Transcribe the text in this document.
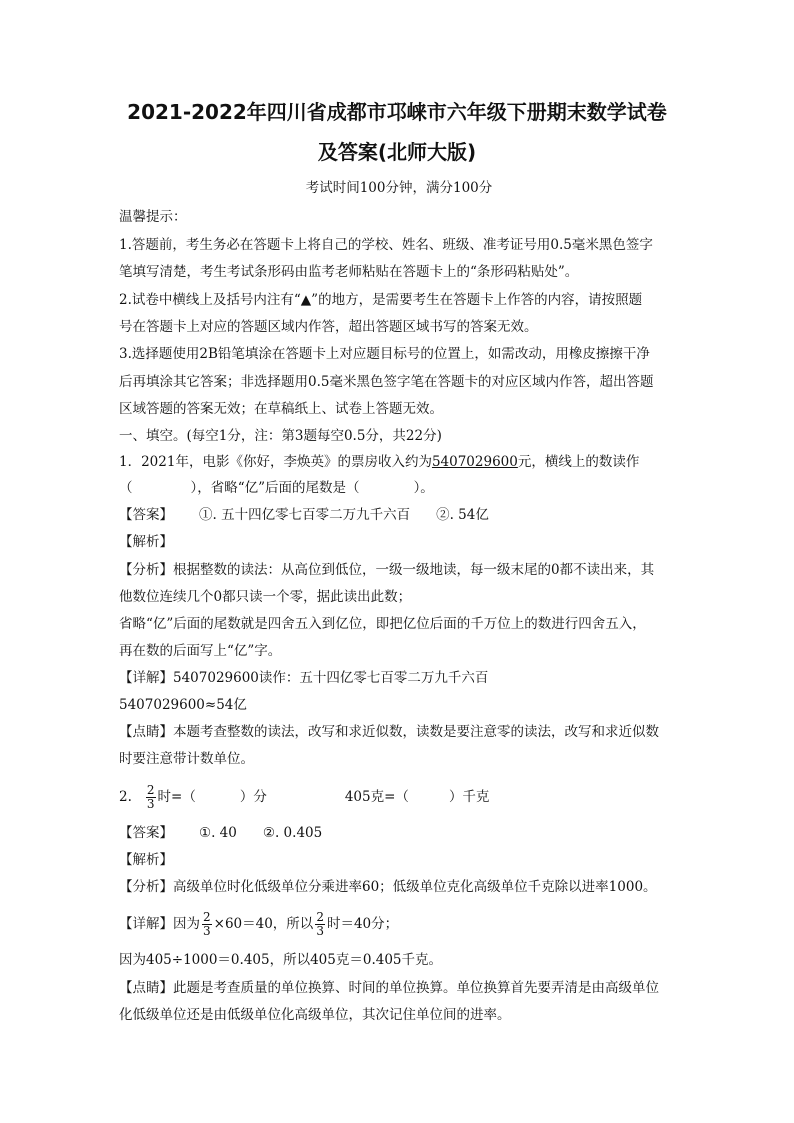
2021-2022年四川省成都市邛崃市六年级下册期末数学试卷
及答案(北师大版)

考试时间100分钟，满分100分

温馨提示：

1.答题前，考生务必在答题卡上将自己的学校、姓名、班级、准考证号用0.5毫米黑色签字

笔填写清楚，考生考试条形码由监考老师粘贴在答题卡上的“条形码粘贴处”。

2.试卷中横线上及括号内注有“▲”的地方，是需要考生在答题卡上作答的内容，请按照题

号在答题卡上对应的答题区域内作答，超出答题区域书写的答案无效。

3.选择题使用2B铅笔填涂在答题卡上对应题目标号的位置上，如需改动，用橡皮擦擦干净

后再填涂其它答案；非选择题用0.5毫米黑色签字笔在答题卡的对应区域内作答，超出答题

区域答题的答案无效；在草稿纸上、试卷上答题无效。

一、填空。(每空1分，注：第3题每空0.5分，共22分)

1．2021年，电影《你好，李焕英》的票房收入约为5407029600元，横线上的数读作

（	），省略“亿”后面的尾数是（	）。

【答案】 ①. 五十四亿零七百零二万九千六百 ②. 54亿

【解析】

【分析】根据整数的读法：从高位到低位，一级一级地读，每一级末尾的0都不读出来，其

他数位连续几个0都只读一个零，据此读出此数；

省略“亿”后面的尾数就是四舍五入到亿位，即把亿位后面的千万位上的数进行四舍五入，

再在数的后面写上“亿”字。

【详解】5407029600读作：五十四亿零七百零二万九千六百

5407029600≈54亿

【点睛】本题考查整数的读法，改写和求近似数，读数是要注意零的读法，改写和求近似数

时要注意带计数单位。

2. $\frac{2}{3}$ 时=（	）分	405克=（	）千克

【答案】 ①. 40 ②. 0.405

【解析】

【分析】高级单位时化低级单位分乘进率60；低级单位克化高级单位千克除以进率1000。

【详解】因为 $\frac{2}{3} \times 60=40$，所以 $\frac{2}{3}$ 时＝40分；

因为405÷1000＝0.405，所以405克＝0.405千克。

【点睛】此题是考查质量的单位换算、时间的单位换算。单位换算首先要弄清是由高级单位

化低级单位还是由低级单位化高级单位，其次记住单位间的进率。
